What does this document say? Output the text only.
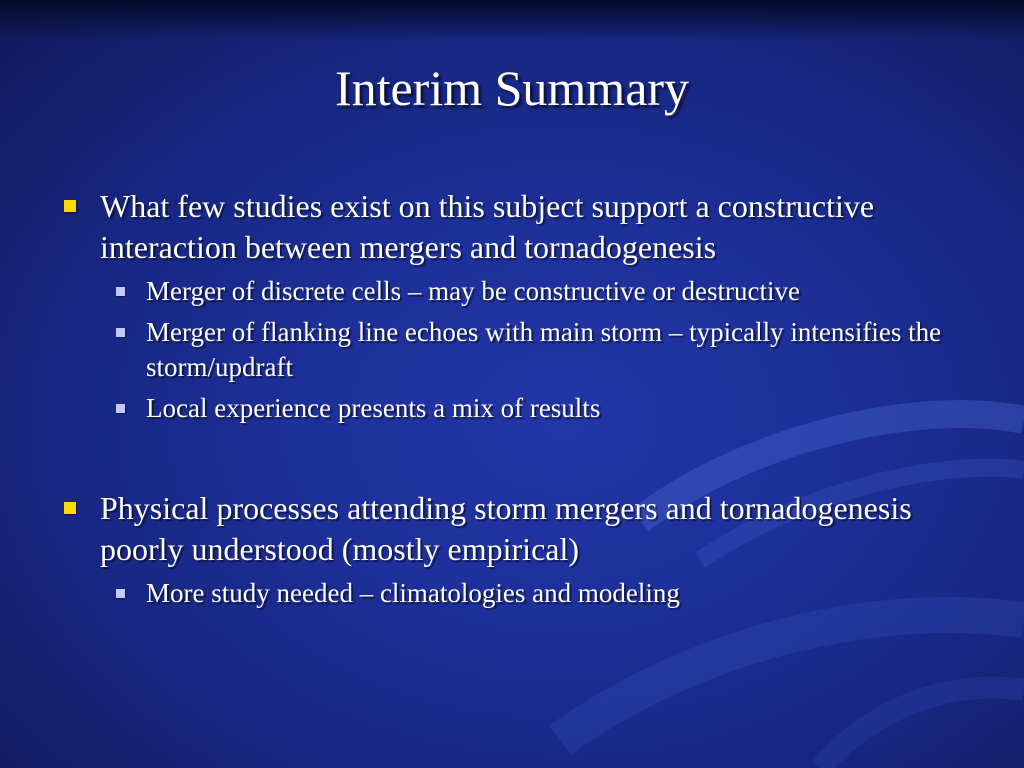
Interim Summary
What few studies exist on this subject support a constructive interaction between mergers and tornadogenesis
Merger of discrete cells – may be constructive or destructive
Merger of flanking line echoes with main storm – typically intensifies the storm/updraft
Local experience presents a mix of results
Physical processes attending storm mergers and tornadogenesis poorly understood (mostly empirical)
More study needed – climatologies and modeling
